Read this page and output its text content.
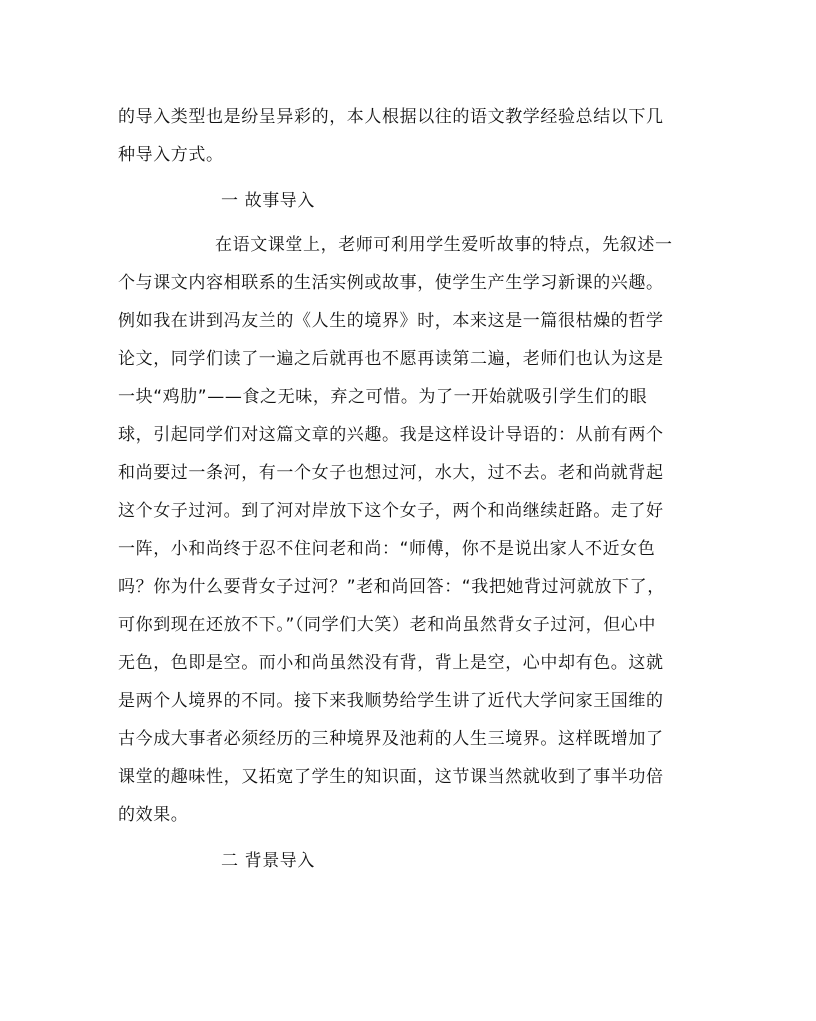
的导入类型也是纷呈异彩的，本人根据以往的语文教学经验总结以下几
种导入方式。
一 故事导入
在语文课堂上，老师可利用学生爱听故事的特点，先叙述一
个与课文内容相联系的生活实例或故事，使学生产生学习新课的兴趣。
例如我在讲到冯友兰的《人生的境界》时，本来这是一篇很枯燥的哲学
论文，同学们读了一遍之后就再也不愿再读第二遍，老师们也认为这是
一块“鸡肋”——食之无味，弃之可惜。为了一开始就吸引学生们的眼
球，引起同学们对这篇文章的兴趣。我是这样设计导语的：从前有两个
和尚要过一条河，有一个女子也想过河，水大，过不去。老和尚就背起
这个女子过河。到了河对岸放下这个女子，两个和尚继续赶路。走了好
一阵，小和尚终于忍不住问老和尚：“师傅，你不是说出家人不近女色
吗？你为什么要背女子过河？”老和尚回答：“我把她背过河就放下了，
可你到现在还放不下。”（同学们大笑）老和尚虽然背女子过河，但心中
无色，色即是空。而小和尚虽然没有背，背上是空，心中却有色。这就
是两个人境界的不同。接下来我顺势给学生讲了近代大学问家王国维的
古今成大事者必须经历的三种境界及池莉的人生三境界。这样既增加了
课堂的趣味性，又拓宽了学生的知识面，这节课当然就收到了事半功倍
的效果。
二 背景导入
